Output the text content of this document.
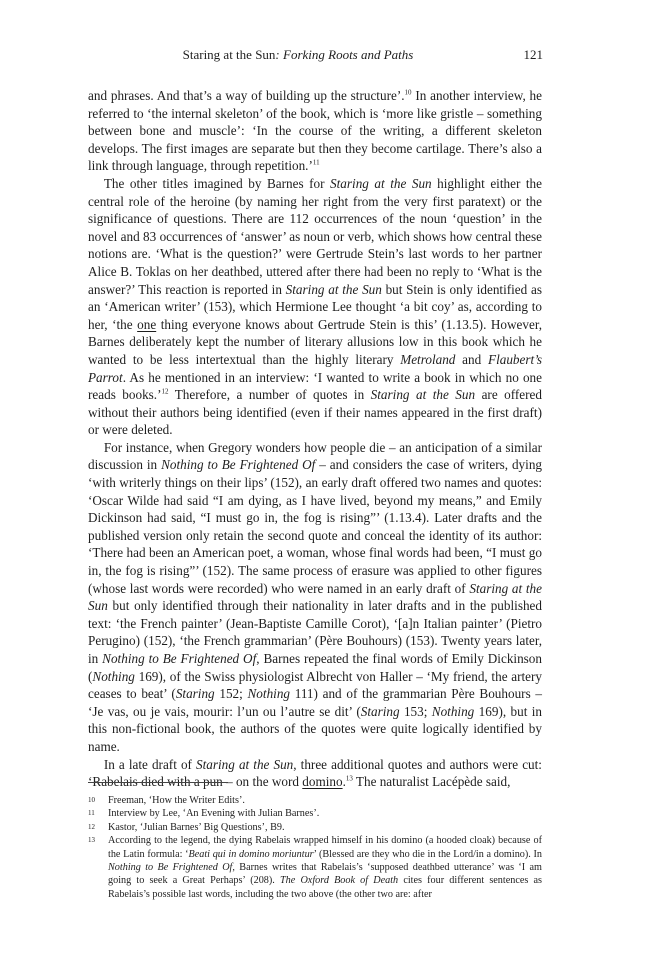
Staring at the Sun: Forking Roots and Paths	121

and phrases. And that’s a way of building up the structure’.$^{10}$ In another interview, he referred to ‘the internal skeleton’ of the book, which is ‘more like gristle – something between bone and muscle’: ‘In the course of the writing, a different skeleton develops. The first images are separate but then they become cartilage. There’s also a link through language, through repetition.’$^{11}$

The other titles imagined by Barnes for Staring at the Sun highlight either the central role of the heroine (by naming her right from the very first paratext) or the significance of questions. There are 112 occurrences of the noun ‘question’ in the novel and 83 occurrences of ‘answer’ as noun or verb, which shows how central these notions are. ‘What is the question?’ were Gertrude Stein’s last words to her partner Alice B. Toklas on her deathbed, uttered after there had been no reply to ‘What is the answer?’ This reaction is reported in Staring at the Sun but Stein is only identified as an ‘American writer’ (153), which Hermione Lee thought ‘a bit coy’ as, according to her, ‘the one thing everyone knows about Gertrude Stein is this’ (1.13.5). However, Barnes deliberately kept the number of literary allusions low in this book which he wanted to be less intertextual than the highly literary Metroland and Flaubert’s Parrot. As he mentioned in an interview: ‘I wanted to write a book in which no one reads books.’$^{12}$ Therefore, a number of quotes in Staring at the Sun are offered without their authors being identified (even if their names appeared in the first draft) or were deleted.

For instance, when Gregory wonders how people die – an anticipation of a similar discussion in Nothing to Be Frightened Of – and considers the case of writers, dying ‘with writerly things on their lips’ (152), an early draft offered two names and quotes: ‘Oscar Wilde had said “I am dying, as I have lived, beyond my means,” and Emily Dickinson had said, “I must go in, the fog is rising”’ (1.13.4). Later drafts and the published version only retain the second quote and conceal the identity of its author: ‘There had been an American poet, a woman, whose final words had been, “I must go in, the fog is rising”’ (152). The same process of erasure was applied to other figures (whose last words were recorded) who were named in an early draft of Staring at the Sun but only identified through their nationality in later drafts and in the published text: ‘the French painter’ (Jean-Baptiste Camille Corot), ‘[a]n Italian painter’ (Pietro Perugino) (152), ‘the French grammarian’ (Père Bouhours) (153). Twenty years later, in Nothing to Be Frightened Of, Barnes repeated the final words of Emily Dickinson (Nothing 169), of the Swiss physiologist Albrecht von Haller – ‘My friend, the artery ceases to beat’ (Staring 152; Nothing 111) and of the grammarian Père Bouhours – ‘Je vas, ou je vais, mourir: l’un ou l’autre se dit’ (Staring 153; Nothing 169), but in this non-fictional book, the authors of the quotes were quite logically identified by name.

In a late draft of Staring at the Sun, three additional quotes and authors were cut: ‘Rabelais died with a pun – on the word domino.$^{13}$ The naturalist Lacépède said,

10	Freeman, ‘How the Writer Edits’.
11	Interview by Lee, ‘An Evening with Julian Barnes’.
12	Kastor, ‘Julian Barnes’ Big Questions’, B9.
13	According to the legend, the dying Rabelais wrapped himself in his domino (a hooded cloak) because of the Latin formula: ‘Beati qui in domino moriuntur’ (Blessed are they who die in the Lord/in a domino). In Nothing to Be Frightened Of, Barnes writes that Rabelais’s ‘supposed deathbed utterance’ was ‘I am going to seek a Great Perhaps’ (208). The Oxford Book of Death cites four different sentences as Rabelais’s possible last words, including the two above (the other two are: after
